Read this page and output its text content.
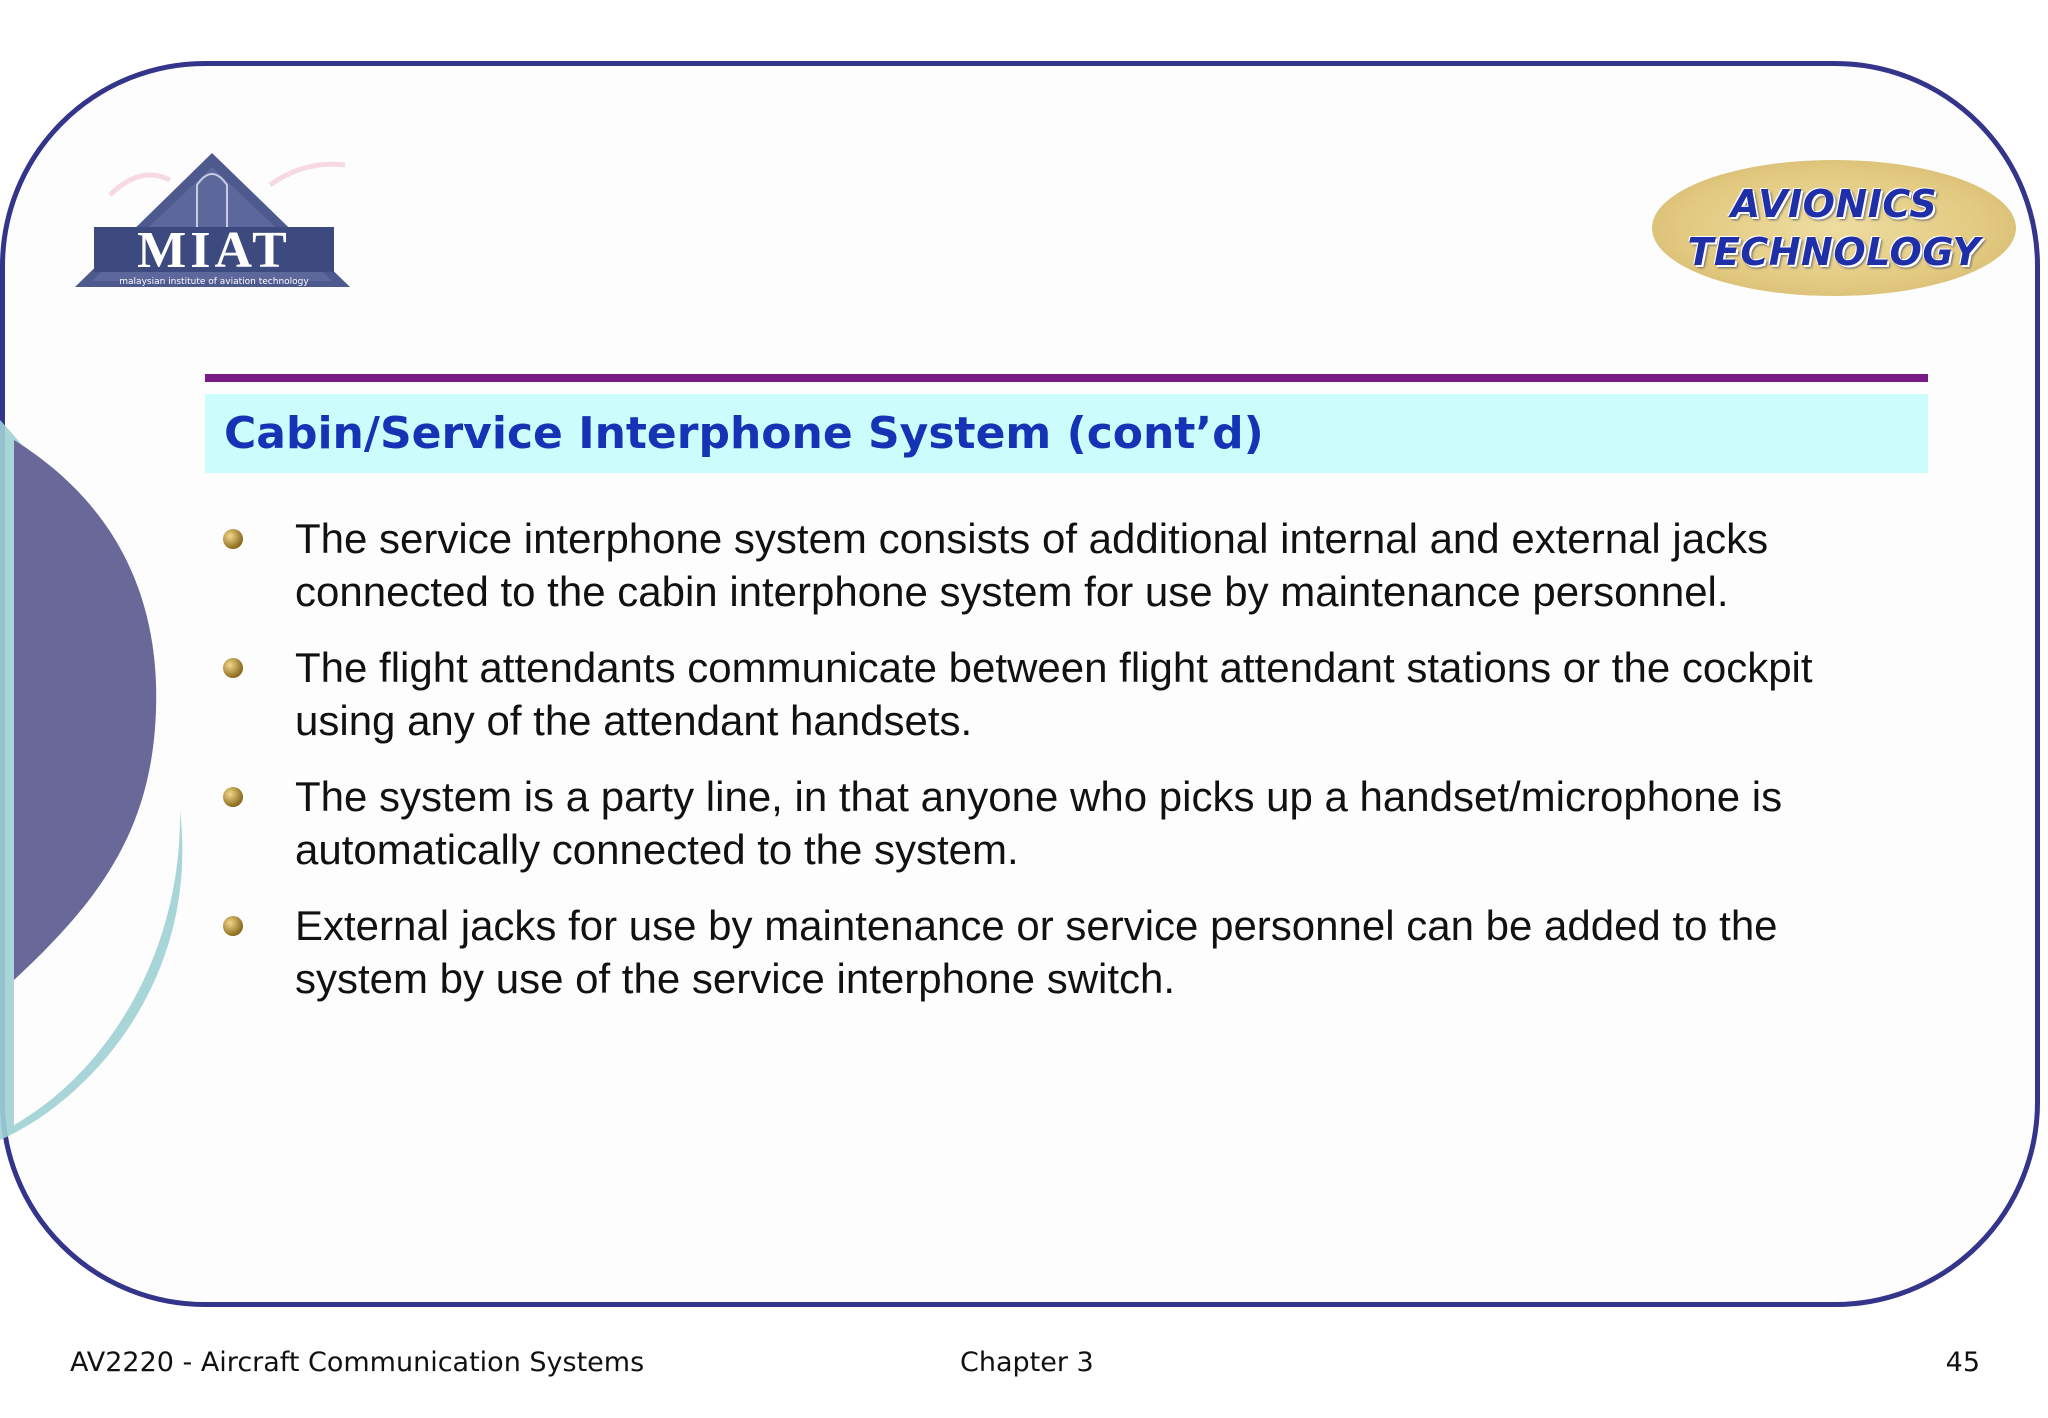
MIAT
malaysian institute of aviation technology
AVIONICS
TECHNOLOGY
Cabin/Service Interphone System (cont’d)
The service interphone system consists of additional internal and external jacks connected to the cabin interphone system for use by maintenance personnel.
The flight attendants communicate between flight attendant stations or the cockpit using any of the attendant handsets.
The system is a party line, in that anyone who picks up a handset/microphone is automatically connected to the system.
External jacks for use by maintenance or service personnel can be added to the system by use of the service interphone switch.
AV2220 - Aircraft Communication Systems	Chapter 3	45
